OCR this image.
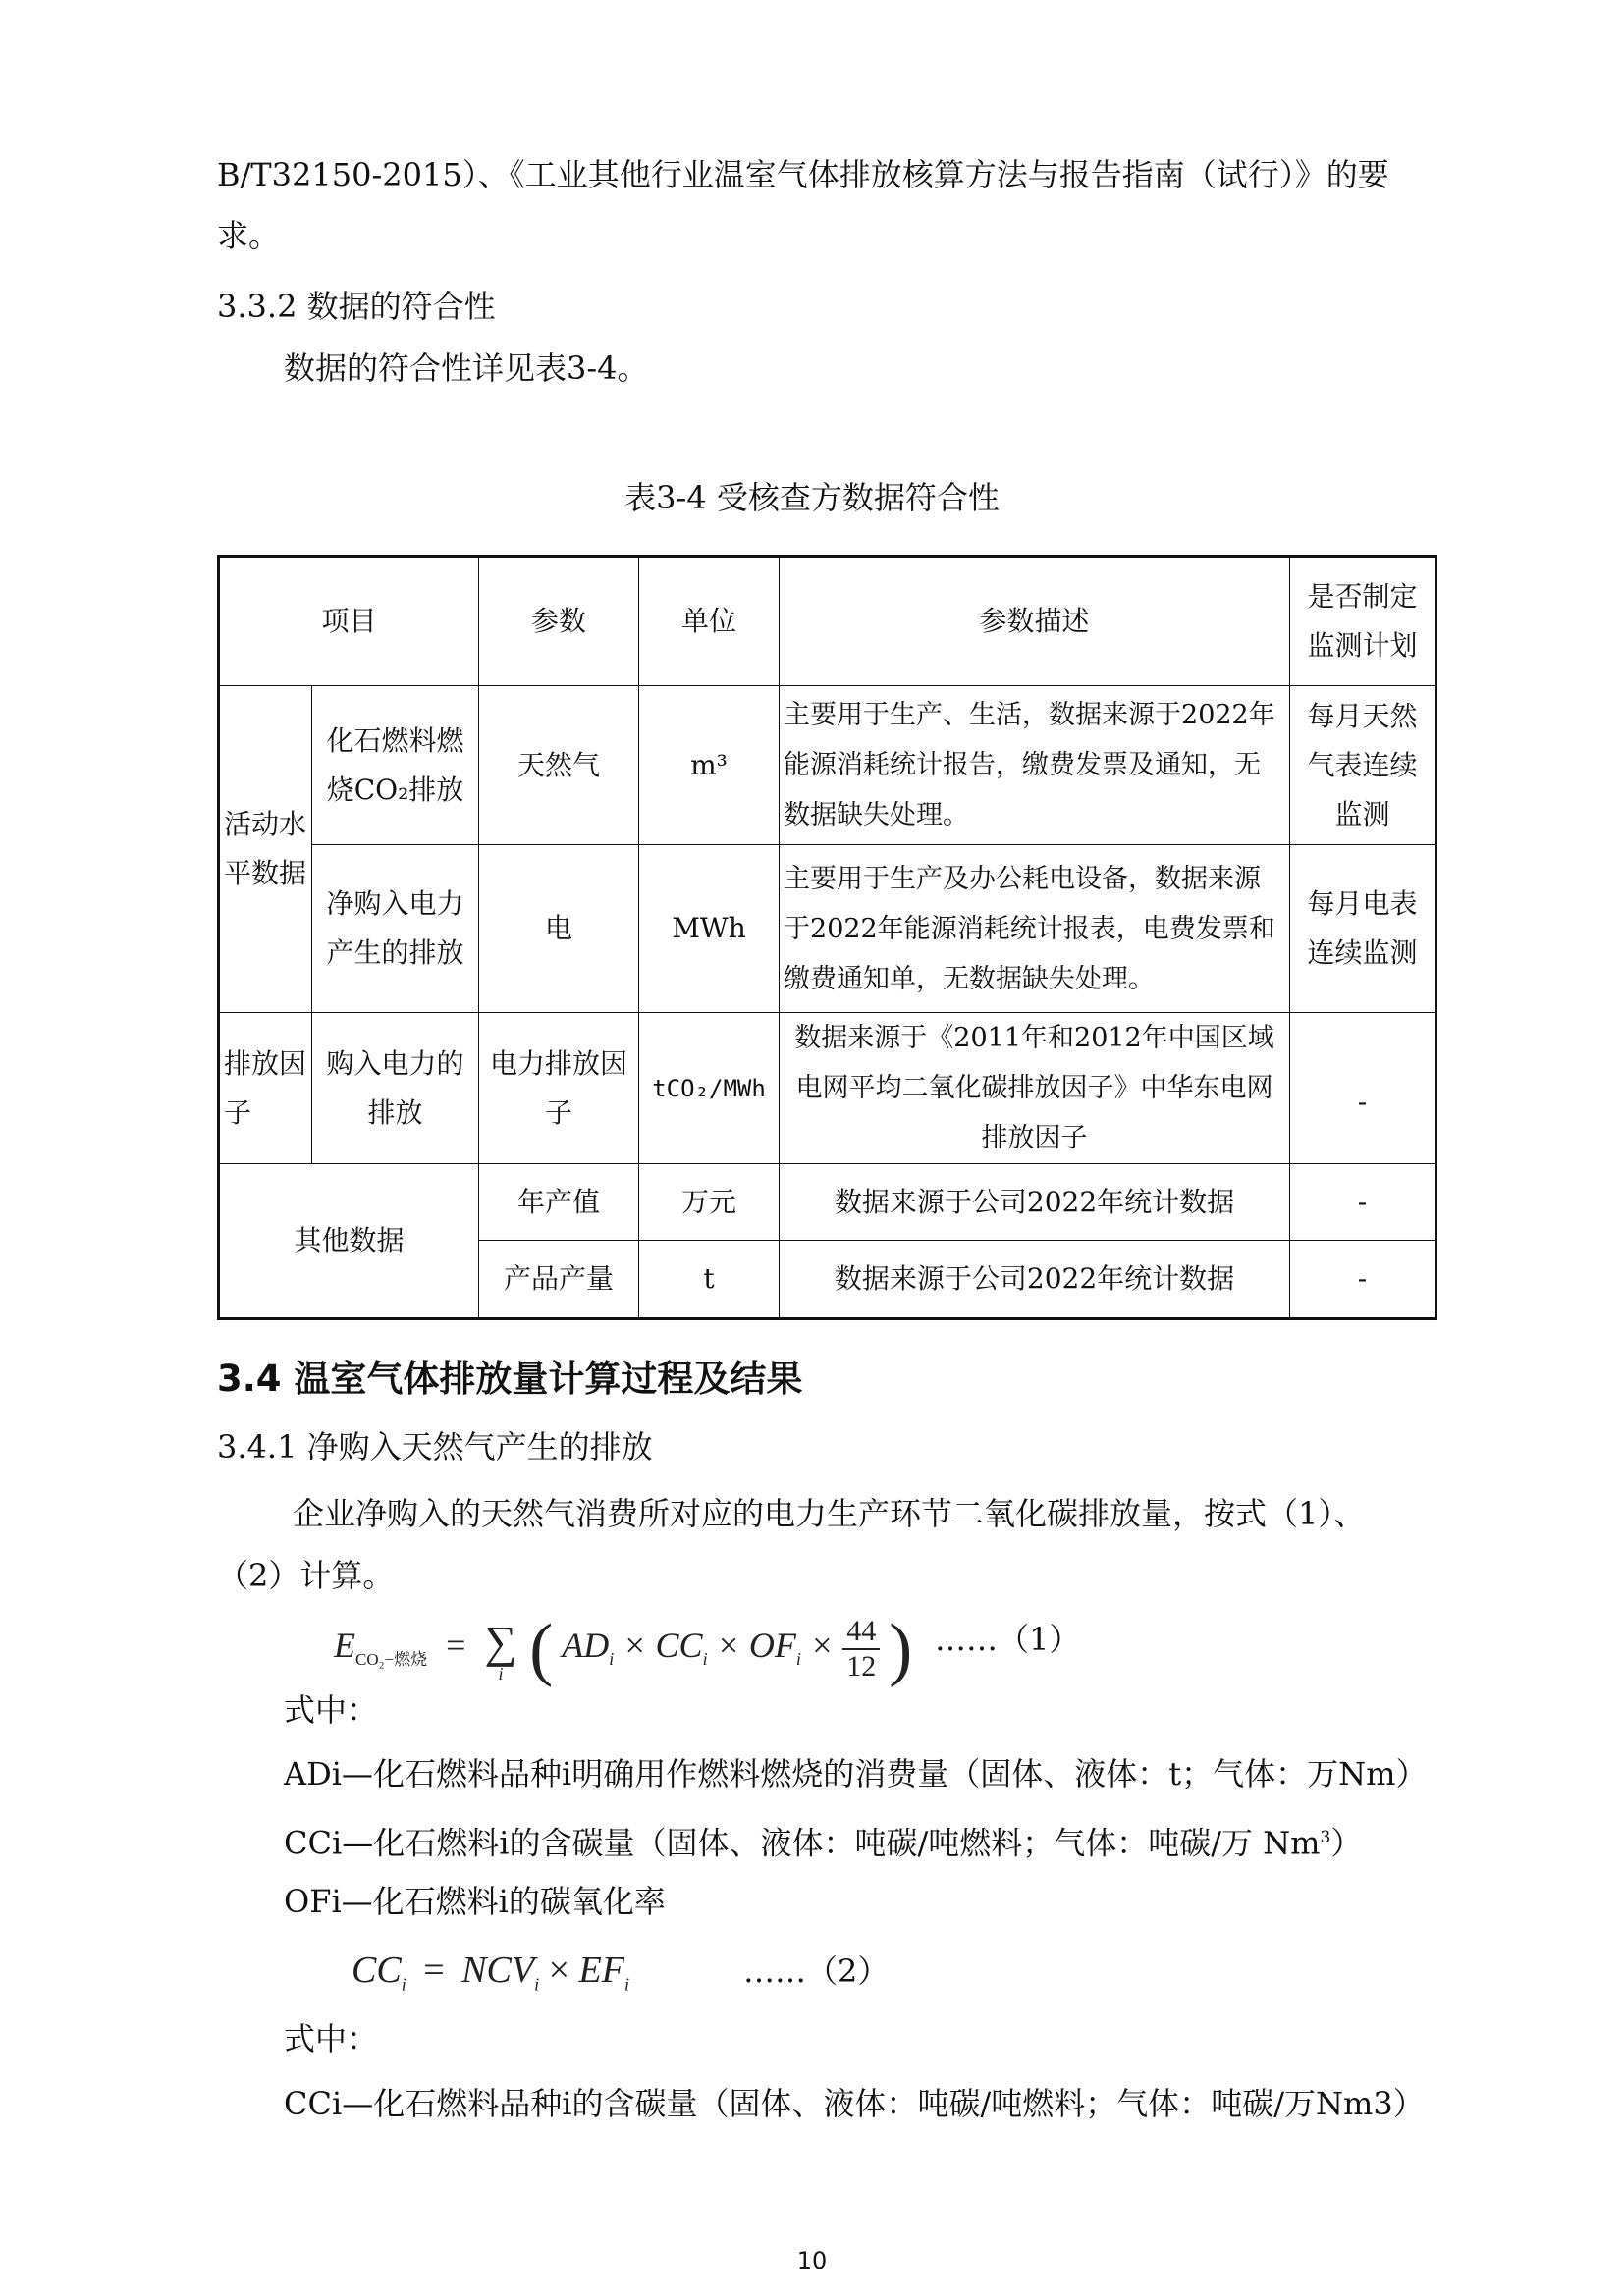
B/T32150-2015）、《工业其他行业温室气体排放核算方法与报告指南（试行）》的要
求。
3.3.2 数据的符合性
数据的符合性详见表3-4。
表3-4 受核查方数据符合性
项目		参数	单位	参数描述	是否制定监测计划
活动水平数据	化石燃料燃烧CO₂排放	天然气	m³	主要用于生产、生活，数据来源于2022年能源消耗统计报告，缴费发票及通知，无数据缺失处理。	每月天然气表连续监测
	净购入电力产生的排放	电	MWh	主要用于生产及办公耗电设备，数据来源于2022年能源消耗统计报表，电费发票和缴费通知单，无数据缺失处理。	每月电表连续监测
排放因子	购入电力的排放	电力排放因子	tCO₂/MWh	数据来源于《2011年和2012年中国区域电网平均二氧化碳排放因子》中华东电网排放因子	-

其他数据		年产值	万元	数据来源于公司2022年统计数据	-
		产品产量	t	数据来源于公司2022年统计数据	-
3.4 温室气体排放量计算过程及结果
3.4.1 净购入天然气产生的排放
企业净购入的天然气消费所对应的电力生产环节二氧化碳排放量，按式（1）、
（2）计算。
$E_{CO_2-燃烧}$ = ∑
i ( $AD_i \times CC_i \times OF_i \times \frac{44}{12}$ ) ……（1）
式中：
ADi—化石燃料品种i明确用作燃料燃烧的消费量（固体、液体：t；气体：万Nm）
CCi—化石燃料i的含碳量（固体、液体：吨碳/吨燃料；气体：吨碳/万 Nm$^3$）
OFi—化石燃料i的碳氧化率
$CC_i = NCV_i \times EF_i$	……（2）
式中：
CCi—化石燃料品种i的含碳量（固体、液体：吨碳/吨燃料；气体：吨碳/万Nm3）
10
